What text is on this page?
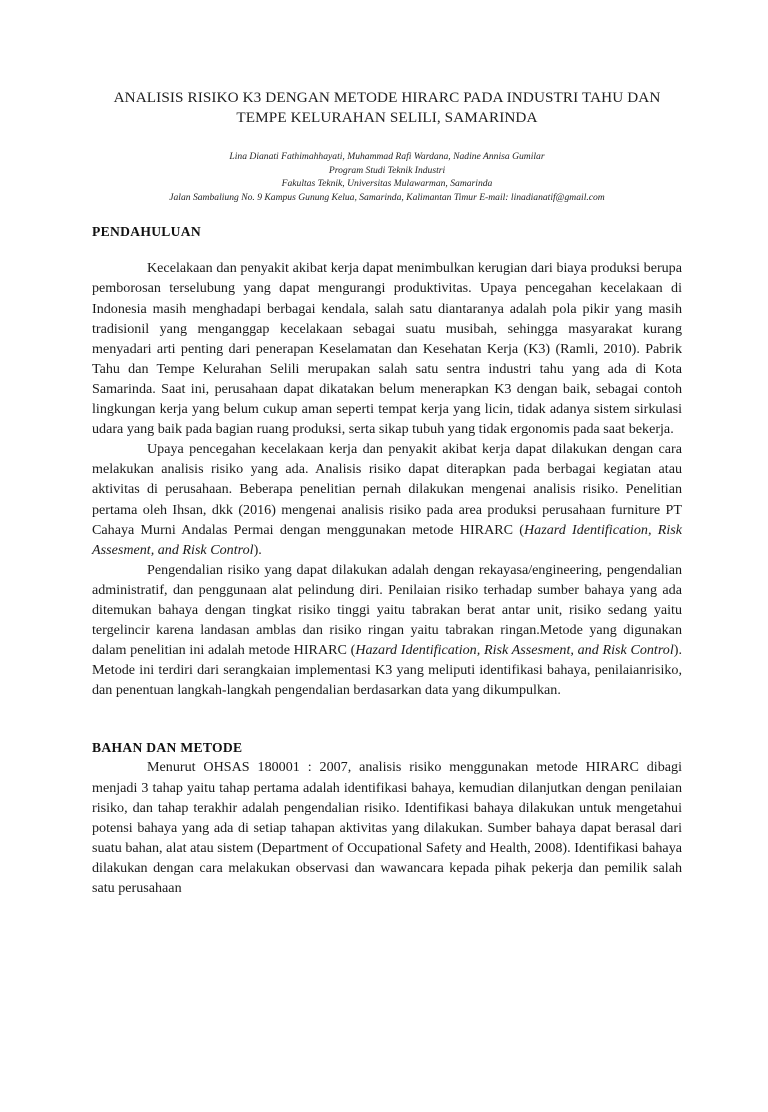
ANALISIS RISIKO K3 DENGAN METODE HIRARC PADA INDUSTRI TAHU DAN
TEMPE KELURAHAN SELILI, SAMARINDA
Lina Dianati Fathimahhayati, Muhammad Rafi Wardana, Nadine Annisa Gumilar
Program Studi Teknik Industri
Fakultas Teknik, Universitas Mulawarman, Samarinda
Jalan Sambaliung No. 9 Kampus Gunung Kelua, Samarinda, Kalimantan Timur E-mail: linadianatif@gmail.com
PENDAHULUAN

Kecelakaan dan penyakit akibat kerja dapat menimbulkan kerugian dari biaya produksi berupa pemborosan terselubung yang dapat mengurangi produktivitas. Upaya pencegahan kecelakaan di Indonesia masih menghadapi berbagai kendala, salah satu diantaranya adalah pola pikir yang masih tradisionil yang menganggap kecelakaan sebagai suatu musibah, sehingga masyarakat kurang menyadari arti penting dari penerapan Keselamatan dan Kesehatan Kerja (K3) (Ramli, 2010). Pabrik Tahu dan Tempe Kelurahan Selili merupakan salah satu sentra industri tahu yang ada di Kota Samarinda. Saat ini, perusahaan dapat dikatakan belum menerapkan K3 dengan baik, sebagai contoh lingkungan kerja yang belum cukup aman seperti tempat kerja yang licin, tidak adanya sistem sirkulasi udara yang baik pada bagian ruang produksi, serta sikap tubuh yang tidak ergonomis pada saat bekerja.

Upaya pencegahan kecelakaan kerja dan penyakit akibat kerja dapat dilakukan dengan cara melakukan analisis risiko yang ada. Analisis risiko dapat diterapkan pada berbagai kegiatan atau aktivitas di perusahaan. Beberapa penelitian pernah dilakukan mengenai analisis risiko. Penelitian pertama oleh Ihsan, dkk (2016) mengenai analisis risiko pada area produksi perusahaan furniture PT Cahaya Murni Andalas Permai dengan menggunakan metode HIRARC (Hazard Identification, Risk Assesment, and Risk Control).

Pengendalian risiko yang dapat dilakukan adalah dengan rekayasa/engineering, pengendalian administratif, dan penggunaan alat pelindung diri. Penilaian risiko terhadap sumber bahaya yang ada ditemukan bahaya dengan tingkat risiko tinggi yaitu tabrakan berat antar unit, risiko sedang yaitu tergelincir karena landasan amblas dan risiko ringan yaitu tabrakan ringan.Metode yang digunakan dalam penelitian ini adalah metode HIRARC (Hazard Identification, Risk Assesment, and Risk Control). Metode ini terdiri dari serangkaian implementasi K3 yang meliputi identifikasi bahaya, penilaianrisiko, dan penentuan langkah-langkah pengendalian berdasarkan data yang dikumpulkan.

BAHAN DAN METODE

Menurut OHSAS 180001 : 2007, analisis risiko menggunakan metode HIRARC dibagi menjadi 3 tahap yaitu tahap pertama adalah identifikasi bahaya, kemudian dilanjutkan dengan penilaian risiko, dan tahap terakhir adalah pengendalian risiko. Identifikasi bahaya dilakukan untuk mengetahui potensi bahaya yang ada di setiap tahapan aktivitas yang dilakukan. Sumber bahaya dapat berasal dari suatu bahan, alat atau sistem (Department of Occupational Safety and Health, 2008). Identifikasi bahaya dilakukan dengan cara melakukan observasi dan wawancara kepada pihak pekerja dan pemilik salah satu perusahaan
